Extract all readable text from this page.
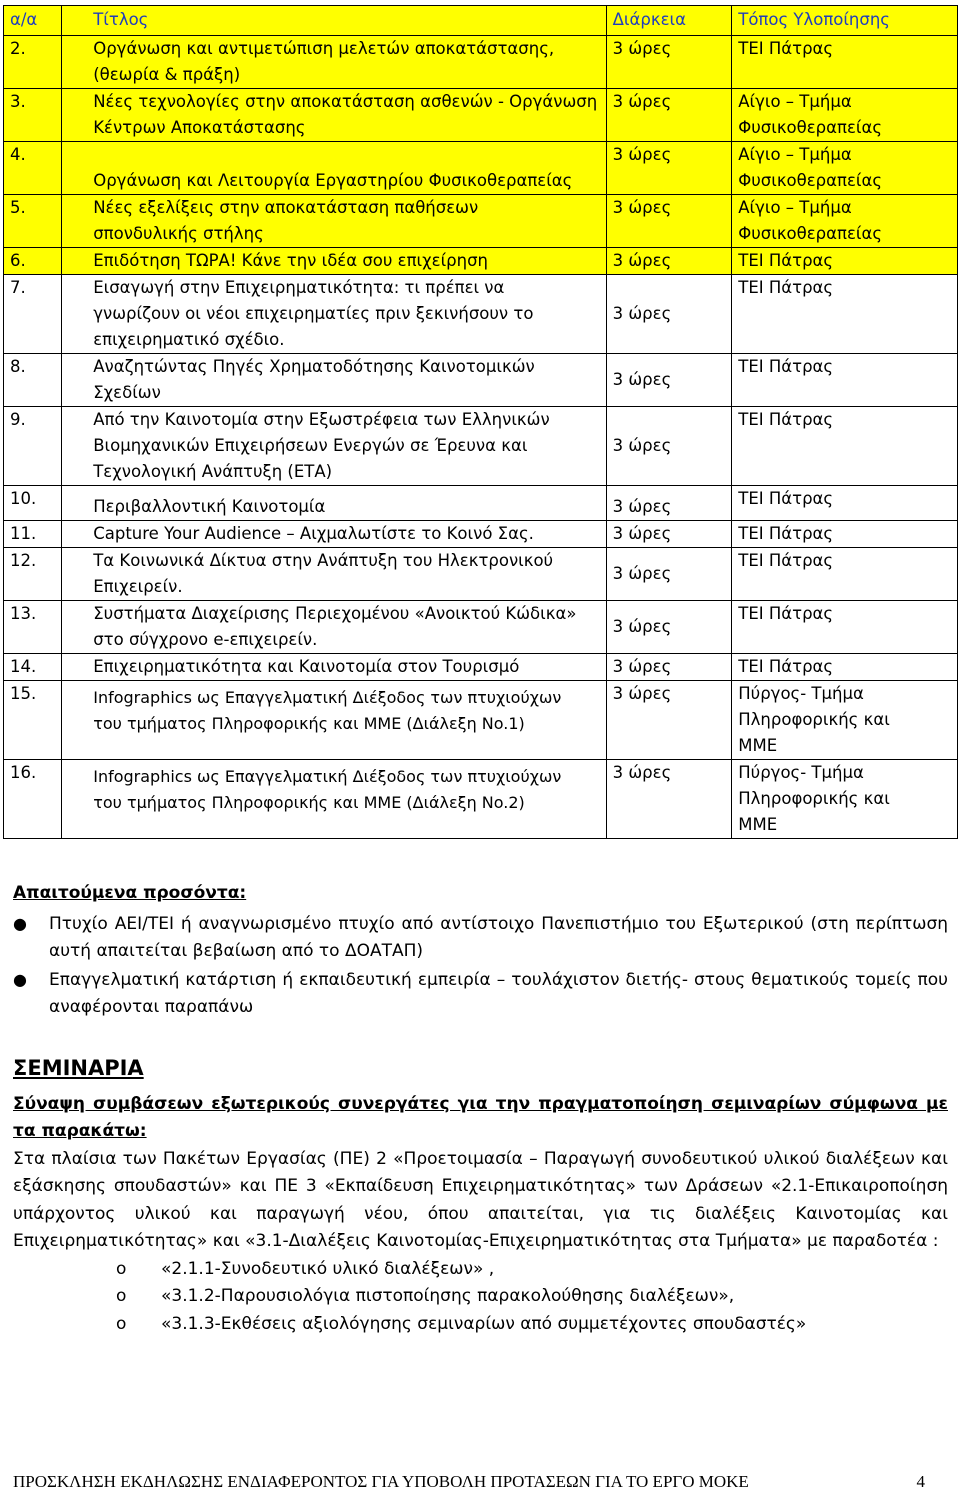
α/α	Τίτλος	Διάρκεια	Τόπος Υλοποίησης
2.	Οργάνωση και αντιμετώπιση μελετών αποκατάστασης, (θεωρία & πράξη)	3 ώρες	ΤΕΙ Πάτρας
3.	Νέες τεχνολογίες στην αποκατάσταση ασθενών - Οργάνωση Κέντρων Αποκατάστασης	3 ώρες	Αίγιο – Τμήμα Φυσικοθεραπείας

4.	Οργάνωση και Λειτουργία Εργαστηρίου Φυσικοθεραπείας	3 ώρες	Αίγιο – Τμήμα Φυσικοθεραπείας

5.	Νέες εξελίξεις στην αποκατάσταση παθήσεων σπονδυλικής στήλης	3 ώρες	Αίγιο – Τμήμα Φυσικοθεραπείας

6.	Επιδότηση ΤΩΡΑ! Κάνε την ιδέα σου επιχείρηση	3 ώρες	ΤΕΙ Πάτρας
7.	Εισαγωγή στην Επιχειρηματικότητα: τι πρέπει να γνωρίζουν οι νέοι επιχειρηματίες πριν ξεκινήσουν το επιχειρηματικό σχέδιο.	3 ώρες	ΤΕΙ Πάτρας
8.	Αναζητώντας Πηγές Χρηματοδότησης Καινοτομικών Σχεδίων	3 ώρες	ΤΕΙ Πάτρας
9.	Από την Καινοτομία στην Εξωστρέφεια των Ελληνικών Βιομηχανικών Επιχειρήσεων Ενεργών σε Έρευνα και Τεχνολογική Ανάπτυξη (ΕΤΑ)	3 ώρες	ΤΕΙ Πάτρας
10.	Περιβαλλοντική Καινοτομία	3 ώρες	ΤΕΙ Πάτρας
11.	Capture Your Audience – Αιχμαλωτίστε το Κοινό Σας.	3 ώρες	ΤΕΙ Πάτρας
12.	Τα Κοινωνικά Δίκτυα στην Ανάπτυξη του Ηλεκτρονικού Επιχειρείν.	3 ώρες	ΤΕΙ Πάτρας
13.	Συστήματα Διαχείρισης Περιεχομένου «Ανοικτού Κώδικα» στο σύγχρονο e-επιχειρείν.	3 ώρες	ΤΕΙ Πάτρας
14.	Επιχειρηματικότητα και Καινοτομία στον Τουρισμό	3 ώρες	ΤΕΙ Πάτρας
15.	Infographics ως Επαγγελματική Διέξοδος των πτυχιούχων του τμήματος Πληροφορικής και ΜΜΕ (Διάλεξη No.1)	3 ώρες	Πύργος- Τμήμα Πληροφορικής και ΜΜΕ

16.	Infographics ως Επαγγελματική Διέξοδος των πτυχιούχων του τμήματος Πληροφορικής και ΜΜΕ (Διάλεξη No.2)	3 ώρες	Πύργος- Τμήμα Πληροφορικής και ΜΜΕ
Απαιτούμενα προσόντα:
● Πτυχίο ΑΕΙ/ΤΕΙ ή αναγνωρισμένο πτυχίο από αντίστοιχο Πανεπιστήμιο του Εξωτερικού (στη περίπτωση αυτή απαιτείται βεβαίωση από το ΔΟΑΤΑΠ)
● Επαγγελματική κατάρτιση ή εκπαιδευτική εμπειρία – τουλάχιστον διετής- στους θεματικούς τομείς που αναφέρονται παραπάνω
ΣΕΜΙΝΑΡΙΑ
Σύναψη συμβάσεων εξωτερικούς συνεργάτες για την πραγματοποίηση σεμιναρίων σύμφωνα με τα παρακάτω:
Στα πλαίσια των Πακέτων Εργασίας (ΠΕ) 2 «Προετοιμασία – Παραγωγή συνοδευτικού υλικού διαλέξεων και εξάσκησης σπουδαστών» και ΠΕ 3 «Εκπαίδευση Επιχειρηματικότητας» των Δράσεων «2.1-Επικαιροποίηση υπάρχοντος υλικού και παραγωγή νέου, όπου απαιτείται, για τις διαλέξεις Καινοτομίας και Επιχειρηματικότητας» και «3.1-Διαλέξεις Καινοτομίας-Επιχειρηματικότητας στα Τμήματα» με παραδοτέα :
o «2.1.1-Συνοδευτικό υλικό διαλέξεων» ,
o «3.1.2-Παρουσιολόγια πιστοποίησης παρακολούθησης διαλέξεων»,
o «3.1.3-Εκθέσεις αξιολόγησης σεμιναρίων από συμμετέχοντες σπουδαστές»
ΠΡΟΣΚΛΗΣΗ ΕΚΔΗΛΩΣΗΣ ΕΝΔΙΑΦΕΡΟΝΤΟΣ ΓΙΑ ΥΠΟΒΟΛΗ ΠΡΟΤΑΣΕΩΝ ΓΙΑ ΤΟ ΕΡΓΟ ΜΟΚΕ	4
